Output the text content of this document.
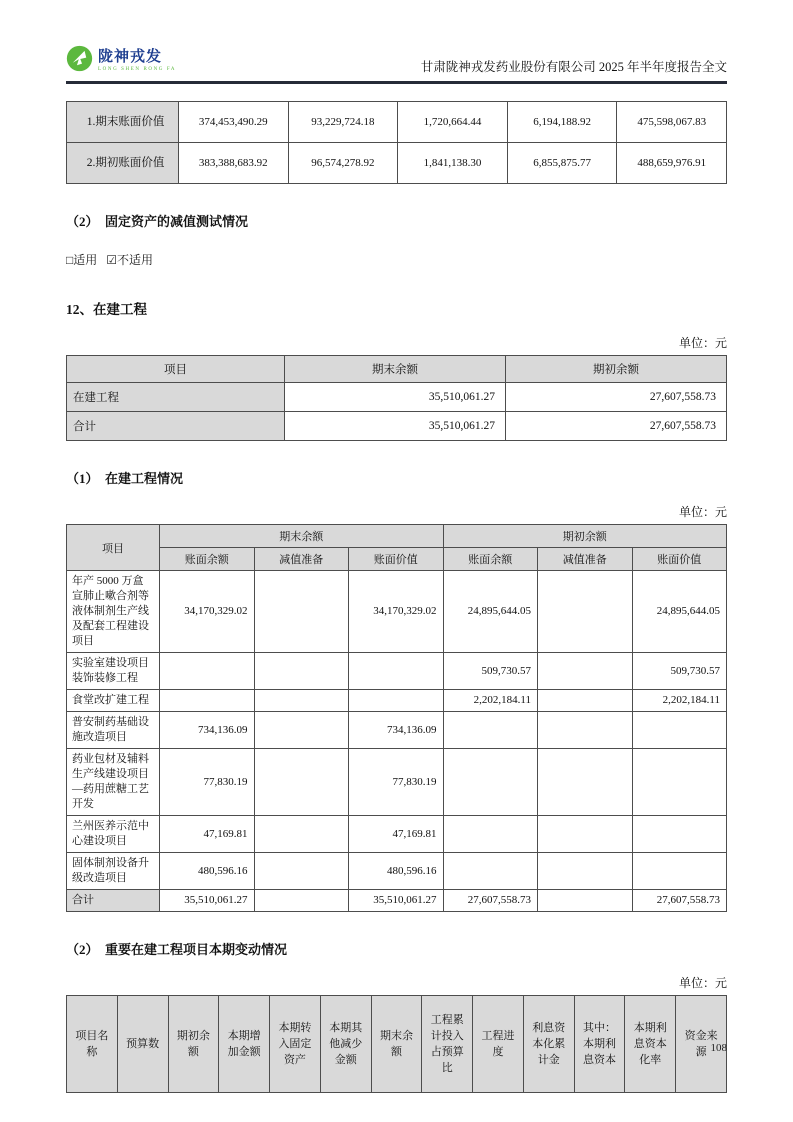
陇神戎发
LONG SHEN RONG FA	甘肃陇神戎发药业股份有限公司 2025 年半年度报告全文
1.期末账面价值	374,453,490.29	93,229,724.18	1,720,664.44	6,194,188.92	475,598,067.83
2.期初账面价值	383,388,683.92	96,574,278.92	1,841,138.30	6,855,875.77	488,659,976.91
（2）　固定资产的减值测试情况
□适用 ☑不适用
12、在建工程
单位：元
项目	期末余额	期初余额
在建工程	35,510,061.27	27,607,558.73
合计	35,510,061.27	27,607,558.73
（1）　在建工程情况
单位：元
项目	期末余额			期初余额		
	账面余额	减值准备	账面价值	账面余额	减值准备	账面价值
年产 5000 万盒宣肺止嗽合剂等液体制剂生产线及配套工程建设项目	34,170,329.02		34,170,329.02	24,895,644.05		24,895,644.05
实验室建设项目装饰装修工程				509,730.57		509,730.57
食堂改扩建工程				2,202,184.11		2,202,184.11
普安制药基础设施改造项目	734,136.09		734,136.09			
药业包材及辅料生产线建设项目—药用蔗糖工艺开发	77,830.19		77,830.19			
兰州医养示范中心建设项目	47,169.81		47,169.81			
固体制剂设备升级改造项目	480,596.16		480,596.16			
合计	35,510,061.27		35,510,061.27	27,607,558.73		27,607,558.73
（2）　重要在建工程项目本期变动情况
单位：元
项目名称	预算数	期初余额	本期增加金额	本期转入固定资产	本期其他减少金额	期末余额	工程累计投入占预算比	工程进度	利息资本化累计金	其中：本期利息资本	本期利息资本化率	资金来源 108
